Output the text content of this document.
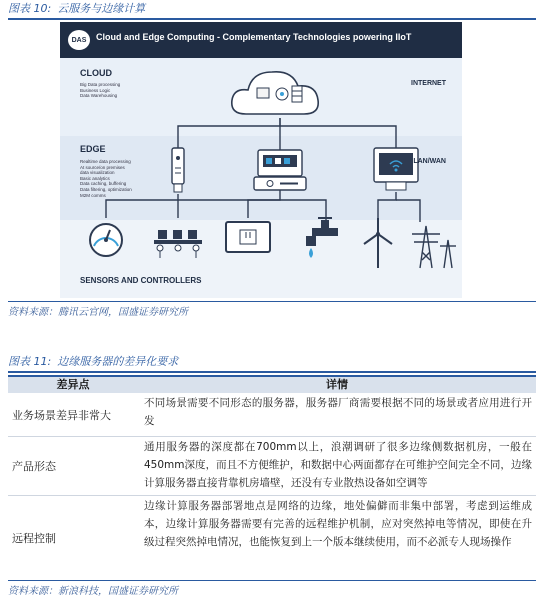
图表 10: 云服务与边缘计算
DAS	Cloud and Edge Computing - Complementary Technologies powering IIoT
CLOUD
Big Data processing
Business Logic
Data Warehousing
INTERNET
EDGE
Realtime data processing
At source/on premises
data visualization
Basic analytics
Data caching, buffering
Data filtering, optimization
M2M comms
LAN/WAN
SENSORS AND CONTROLLERS
资料来源：腾讯云官网，国盛证券研究所
图表 11: 边缘服务器的差异化要求
差异点	详情
业务场景差异非常大
不同场景需要不同形态的服务器，服务器厂商需要根据不同的场景或者应用进行开发
产品形态
通用服务器的深度都在700mm以上，浪潮调研了很多边缘侧数据机房，一般在450mm深度，而且不方便维护，和数据中心两面都存在可维护空间完全不同，边缘计算服务器直接背靠机房墙壁，还没有专业散热设备如空调等
远程控制
边缘计算服务器部署地点是网络的边缘，地处偏僻而非集中部署，考虑到运维成本，边缘计算服务器需要有完善的远程维护机制，应对突然掉电等情况，即使在升级过程突然掉电情况，也能恢复到上一个版本继续使用，而不必派专人现场操作
资料来源：新浪科技，国盛证券研究所
